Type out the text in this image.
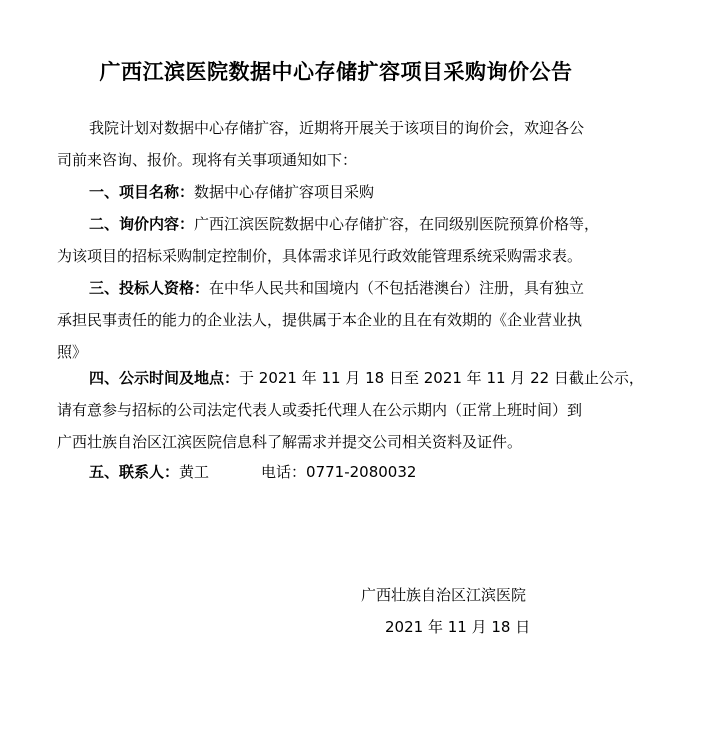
广西江滨医院数据中心存储扩容项目采购询价公告
我院计划对数据中心存储扩容，近期将开展关于该项目的询价会，欢迎各公
司前来咨询、报价。现将有关事项通知如下：
一、项目名称：数据中心存储扩容项目采购
二、询价内容：广西江滨医院数据中心存储扩容，在同级别医院预算价格等，
为该项目的招标采购制定控制价，具体需求详见行政效能管理系统采购需求表。
三、投标人资格：在中华人民共和国境内（不包括港澳台）注册，具有独立
承担民事责任的能力的企业法人，提供属于本企业的且在有效期的《企业营业执
照》
四、公示时间及地点：于 2021 年 11 月 18 日至 2021 年 11 月 22 日截止公示，
请有意参与招标的公司法定代表人或委托代理人在公示期内（正常上班时间）到
广西壮族自治区江滨医院信息科了解需求并提交公司相关资料及证件。
五、联系人：黄工	电话：0771-2080032
广西壮族自治区江滨医院
2021 年 11 月 18 日
